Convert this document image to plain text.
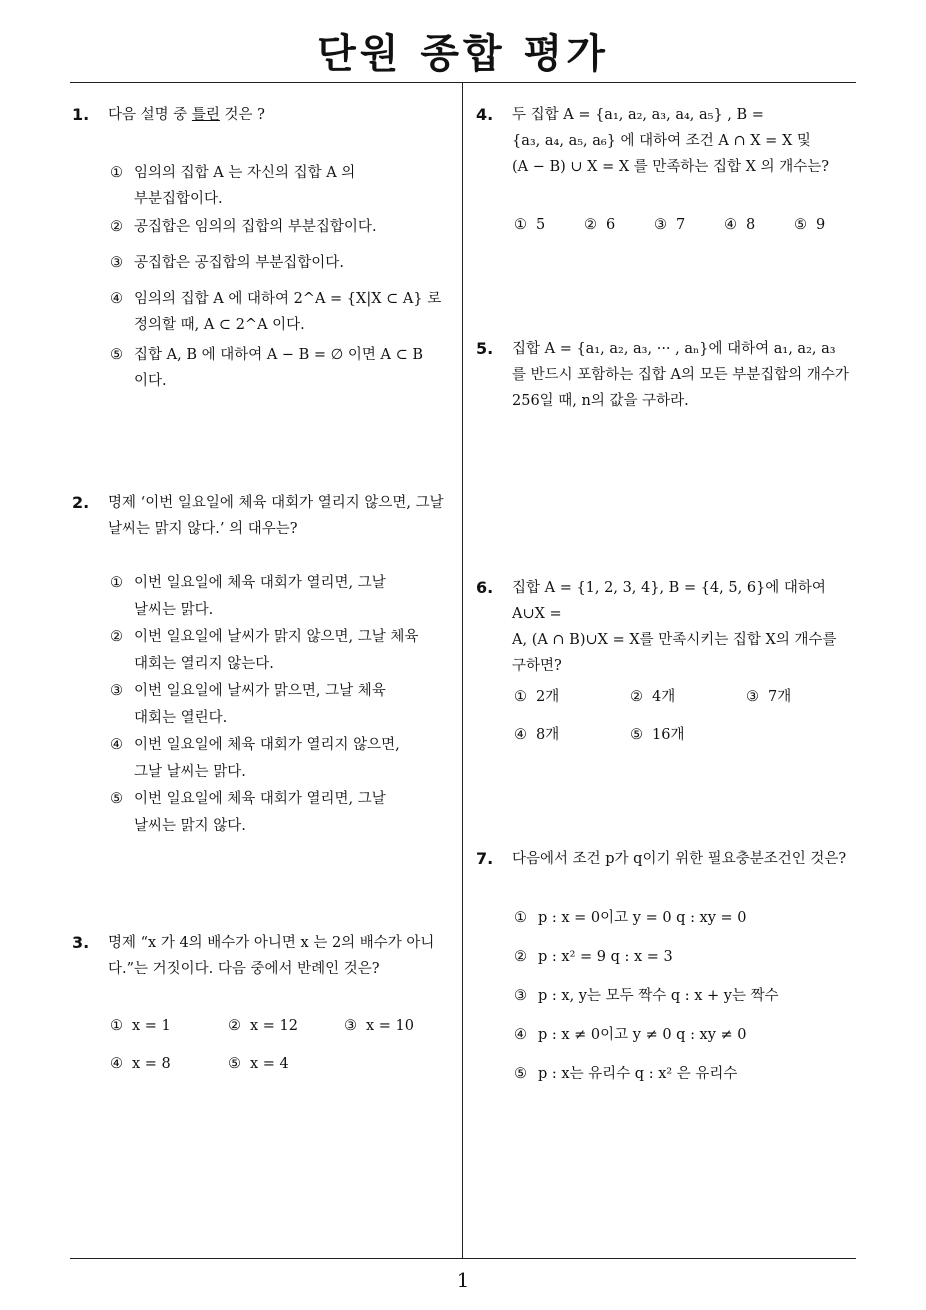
단원 종합 평가
1
1. 다음 설명 중 틀린 것은 ?
① 임의의 집합 A 는 자신의 집합 A 의
부분집합이다.
② 공집합은 임의의 집합의 부분집합이다.
③ 공집합은 공집합의 부분집합이다.
④ 임의의 집합 A 에 대하여 2^A = {X|X ⊂ A} 로
정의할 때, A ⊂ 2^A 이다.
⑤ 집합 A, B 에 대하여 A − B = ∅ 이면 A ⊂ B
이다.
2. 명제 ‘이번 일요일에 체육 대회가 열리지 않으면, 그날
날씨는 맑지 않다.’ 의 대우는?
① 이번 일요일에 체육 대회가 열리면, 그날
날씨는 맑다.
② 이번 일요일에 날씨가 맑지 않으면, 그날 체육
대회는 열리지 않는다.
③ 이번 일요일에 날씨가 맑으면, 그날 체육
대회는 열린다.
④ 이번 일요일에 체육 대회가 열리지 않으면,
그날 날씨는 맑다.
⑤ 이번 일요일에 체육 대회가 열리면, 그날
날씨는 맑지 않다.
3. 명제 “x 가 4의 배수가 아니면 x 는 2의 배수가 아니
다.”는 거짓이다. 다음 중에서 반례인 것은?
① x = 1	② x = 12	③ x = 10
④ x = 8	⑤ x = 4
4. 두 집합 A = {a₁, a₂, a₃, a₄, a₅} , B =
{a₃, a₄, a₅, a₆} 에 대하여 조건 A ∩ X = X 및
(A − B) ∪ X = X 를 만족하는 집합 X 의 개수는?
① 5	② 6	③ 7	④ 8	⑤ 9
5. 집합 A = {a₁, a₂, a₃, ··· , aₙ}에 대하여 a₁, a₂, a₃
를 반드시 포함하는 집합 A의 모든 부분집합의 개수가
256일 때, n의 값을 구하라.
6. 집합 A = {1, 2, 3, 4}, B = {4, 5, 6}에 대하여 A∪X =
A, (A ∩ B)∪X = X를 만족시키는 집합 X의 개수를
구하면?
① 2개	② 4개	③ 7개
④ 8개	⑤ 16개
7. 다음에서 조건 p가 q이기 위한 필요충분조건인 것은?
① p : x = 0이고 y = 0 q : xy = 0
② p : x² = 9 q : x = 3
③ p : x, y는 모두 짝수 q : x + y는 짝수
④ p : x ≠ 0이고 y ≠ 0 q : xy ≠ 0
⑤ p : x는 유리수 q : x² 은 유리수
